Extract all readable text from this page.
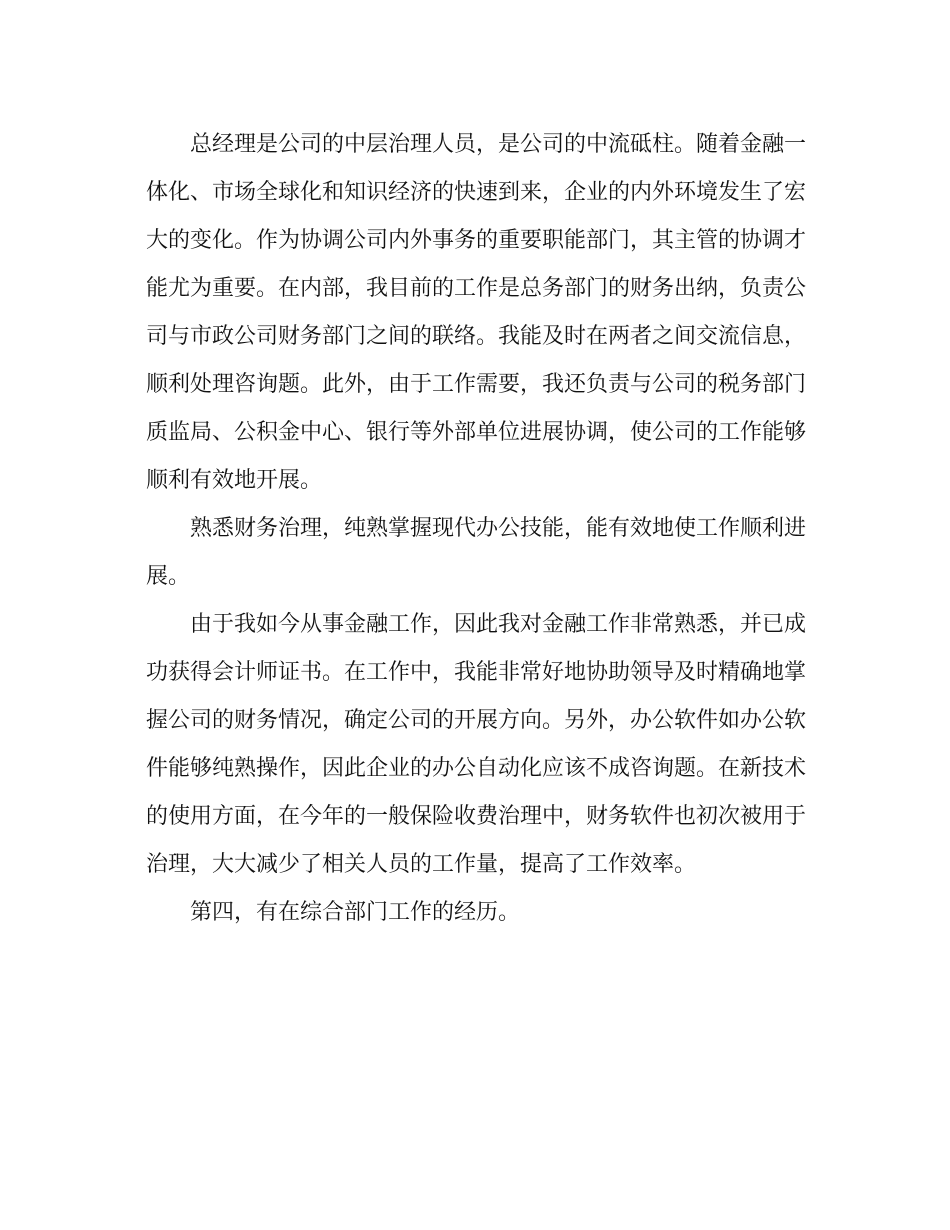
总经理是公司的中层治理人员，是公司的中流砥柱。随着金融一
体化、市场全球化和知识经济的快速到来，企业的内外环境发生了宏
大的变化。作为协调公司内外事务的重要职能部门，其主管的协调才
能尤为重要。在内部，我目前的工作是总务部门的财务出纳，负责公
司与市政公司财务部门之间的联络。我能及时在两者之间交流信息，
顺利处理咨询题。此外，由于工作需要，我还负责与公司的税务部门
质监局、公积金中心、银行等外部单位进展协调，使公司的工作能够
顺利有效地开展。
熟悉财务治理，纯熟掌握现代办公技能，能有效地使工作顺利进
展。
由于我如今从事金融工作，因此我对金融工作非常熟悉，并已成
功获得会计师证书。在工作中，我能非常好地协助领导及时精确地掌
握公司的财务情况，确定公司的开展方向。另外，办公软件如办公软
件能够纯熟操作，因此企业的办公自动化应该不成咨询题。在新技术
的使用方面，在今年的一般保险收费治理中，财务软件也初次被用于
治理，大大减少了相关人员的工作量，提高了工作效率。
第四，有在综合部门工作的经历。
